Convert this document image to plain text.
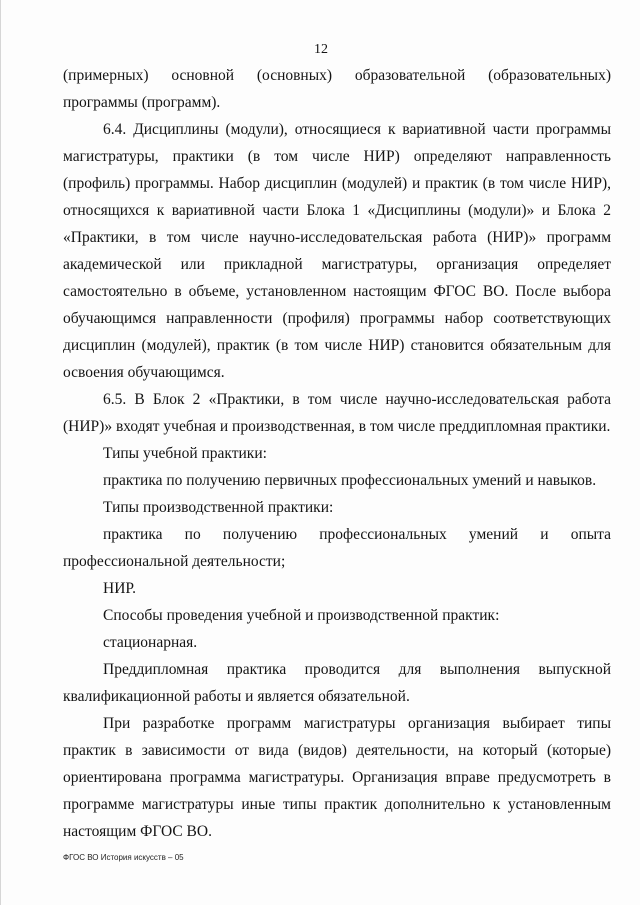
12

(примерных) основной (основных) образовательной (образовательных) программы (программ).

6.4. Дисциплины (модули), относящиеся к вариативной части программы магистратуры, практики (в том числе НИР) определяют направленность (профиль) программы. Набор дисциплин (модулей) и практик (в том числе НИР), относящихся к вариативной части Блока 1 «Дисциплины (модули)» и Блока 2 «Практики, в том числе научно-исследовательская работа (НИР)» программ академической или прикладной магистратуры, организация определяет самостоятельно в объеме, установленном настоящим ФГОС ВО. После выбора обучающимся направленности (профиля) программы набор соответствующих дисциплин (модулей), практик (в том числе НИР) становится обязательным для освоения обучающимся.

6.5. В Блок 2 «Практики, в том числе научно-исследовательская работа (НИР)» входят учебная и производственная, в том числе преддипломная практики.

Типы учебной практики:

практика по получению первичных профессиональных умений и навыков.

Типы производственной практики:

практика по получению профессиональных умений и опыта профессиональной деятельности;

НИР.

Способы проведения учебной и производственной практик:

стационарная.

Преддипломная практика проводится для выполнения выпускной квалификационной работы и является обязательной.

При разработке программ магистратуры организация выбирает типы практик в зависимости от вида (видов) деятельности, на который (которые) ориентирована программа магистратуры. Организация вправе предусмотреть в программе магистратуры иные типы практик дополнительно к установленным настоящим ФГОС ВО.

ФГОС ВО История искусств – 05
